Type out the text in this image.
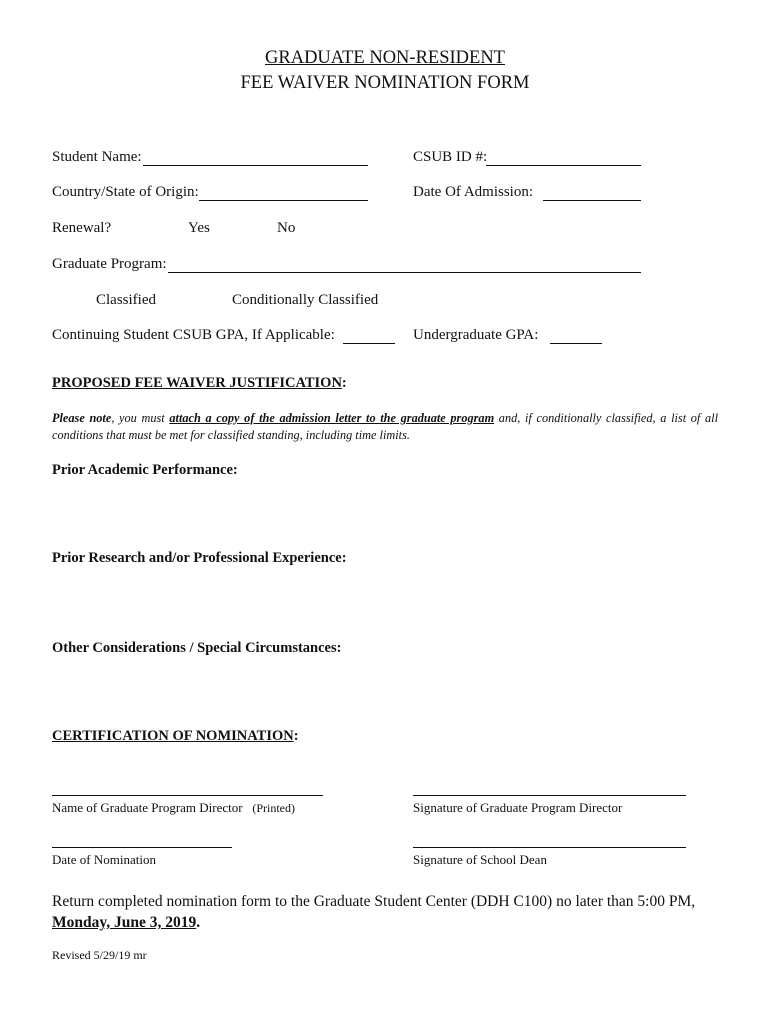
GRADUATE NON-RESIDENT
FEE WAIVER NOMINATION FORM
Student Name:	CSUB ID #:
Country/State of Origin:	Date Of Admission:
Renewal?	Yes	No
Graduate Program:
Classified	Conditionally Classified
Continuing Student CSUB GPA, If Applicable:	Undergraduate GPA:
PROPOSED FEE WAIVER JUSTIFICATION:
Please note, you must attach a copy of the admission letter to the graduate program and, if conditionally classified, a list of all conditions that must be met for classified standing, including time limits.
Prior Academic Performance:
Prior Research and/or Professional Experience:
Other Considerations / Special Circumstances:
CERTIFICATION OF NOMINATION:
Name of Graduate Program Director (Printed)	Signature of Graduate Program Director
Date of Nomination	Signature of School Dean
Return completed nomination form to the Graduate Student Center (DDH C100) no later than 5:00 PM,
Monday, June 3, 2019.
Revised 5/29/19 mr
